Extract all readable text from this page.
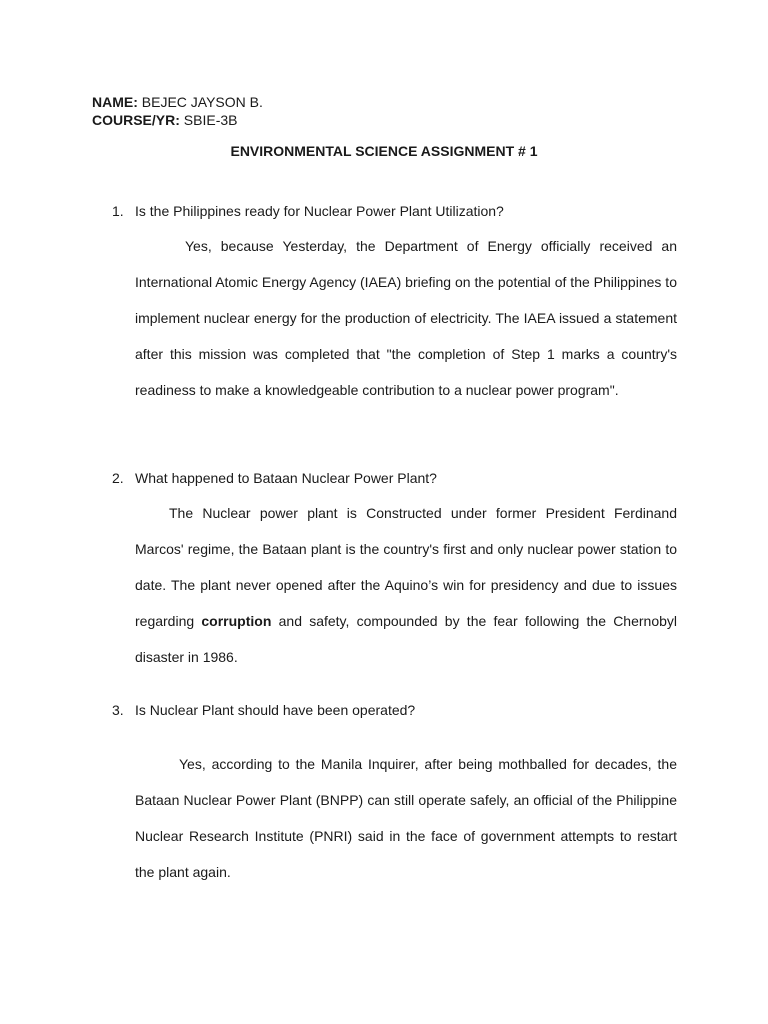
NAME: BEJEC JAYSON B.
COURSE/YR: SBIE-3B
ENVIRONMENTAL SCIENCE ASSIGNMENT # 1
1. Is the Philippines ready for Nuclear Power Plant Utilization?

Yes, because Yesterday, the Department of Energy officially received an International Atomic Energy Agency (IAEA) briefing on the potential of the Philippines to implement nuclear energy for the production of electricity. The IAEA issued a statement after this mission was completed that "the completion of Step 1 marks a country's readiness to make a knowledgeable contribution to a nuclear power program".

2. What happened to Bataan Nuclear Power Plant?

The Nuclear power plant is Constructed under former President Ferdinand Marcos' regime, the Bataan plant is the country's first and only nuclear power station to date. The plant never opened after the Aquino’s win for presidency and due to issues regarding corruption and safety, compounded by the fear following the Chernobyl disaster in 1986.

3. Is Nuclear Plant should have been operated?

Yes, according to the Manila Inquirer, after being mothballed for decades, the Bataan Nuclear Power Plant (BNPP) can still operate safely, an official of the Philippine Nuclear Research Institute (PNRI) said in the face of government attempts to restart the plant again.
